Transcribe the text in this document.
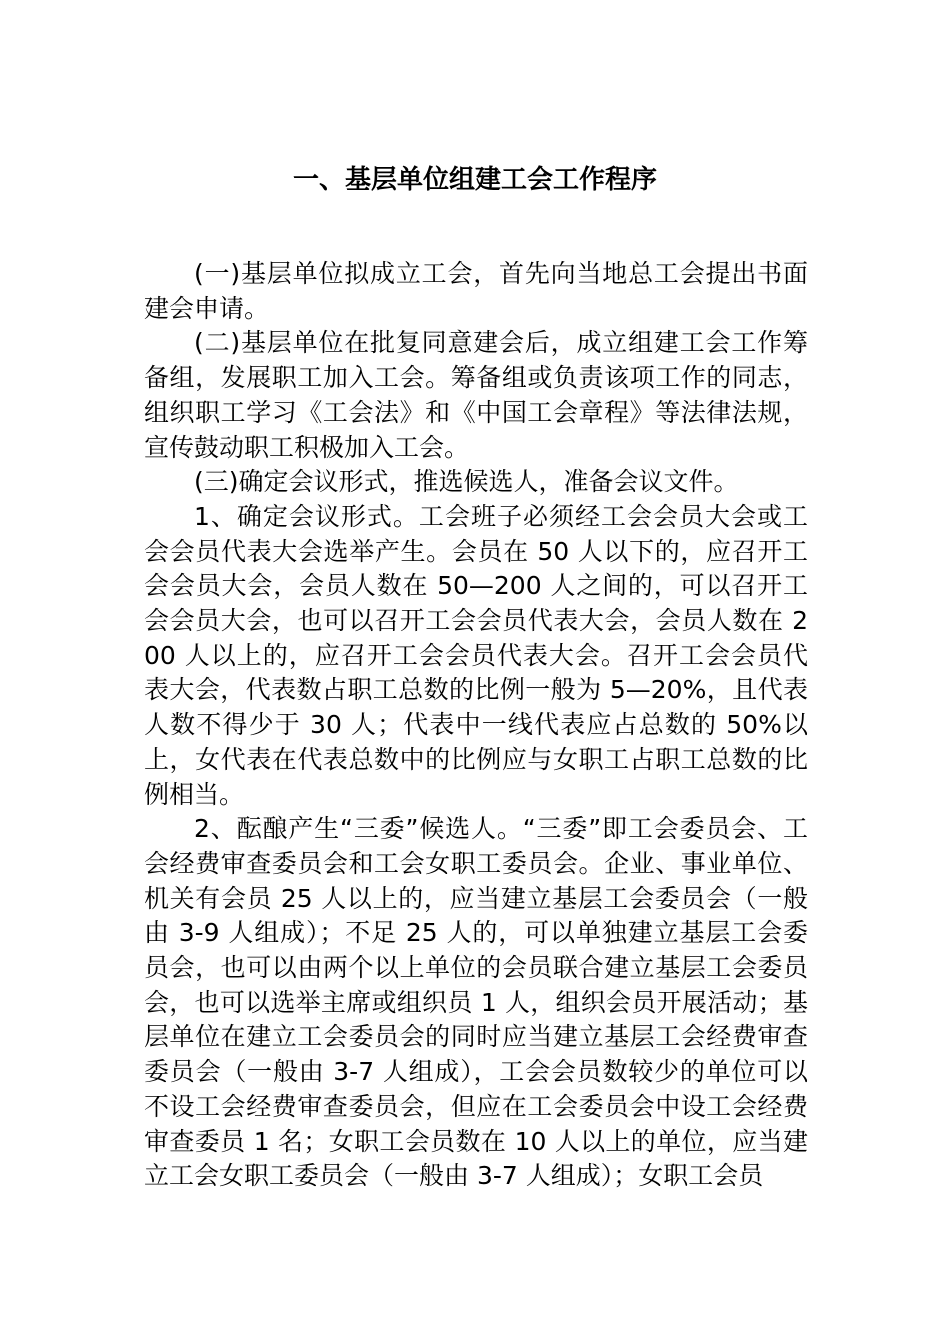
一、基层单位组建工会工作程序

(一)基层单位拟成立工会，首先向当地总工会提出书面建会申请。

(二)基层单位在批复同意建会后，成立组建工会工作筹备组，发展职工加入工会。筹备组或负责该项工作的同志，组织职工学习《工会法》和《中国工会章程》等法律法规，宣传鼓动职工积极加入工会。

(三)确定会议形式，推选候选人，准备会议文件。

1、确定会议形式。工会班子必须经工会会员大会或工会会员代表大会选举产生。会员在 50 人以下的，应召开工会会员大会，会员人数在 50—200 人之间的，可以召开工会会员大会，也可以召开工会会员代表大会，会员人数在 200 人以上的，应召开工会会员代表大会。召开工会会员代表大会，代表数占职工总数的比例一般为 5—20%，且代表人数不得少于 30 人；代表中一线代表应占总数的 50%以上，女代表在代表总数中的比例应与女职工占职工总数的比例相当。

2、酝酿产生“三委”候选人。“三委”即工会委员会、工会经费审查委员会和工会女职工委员会。企业、事业单位、机关有会员 25 人以上的，应当建立基层工会委员会（一般由 3-9 人组成）；不足 25 人的，可以单独建立基层工会委员会，也可以由两个以上单位的会员联合建立基层工会委员会，也可以选举主席或组织员 1 人，组织会员开展活动；基层单位在建立工会委员会的同时应当建立基层工会经费审查委员会（一般由 3-7 人组成），工会会员数较少的单位可以不设工会经费审查委员会，但应在工会委员会中设工会经费审查委员 1 名；女职工会员数在 10 人以上的单位，应当建立工会女职工委员会（一般由 3-7 人组成）；女职工会员
